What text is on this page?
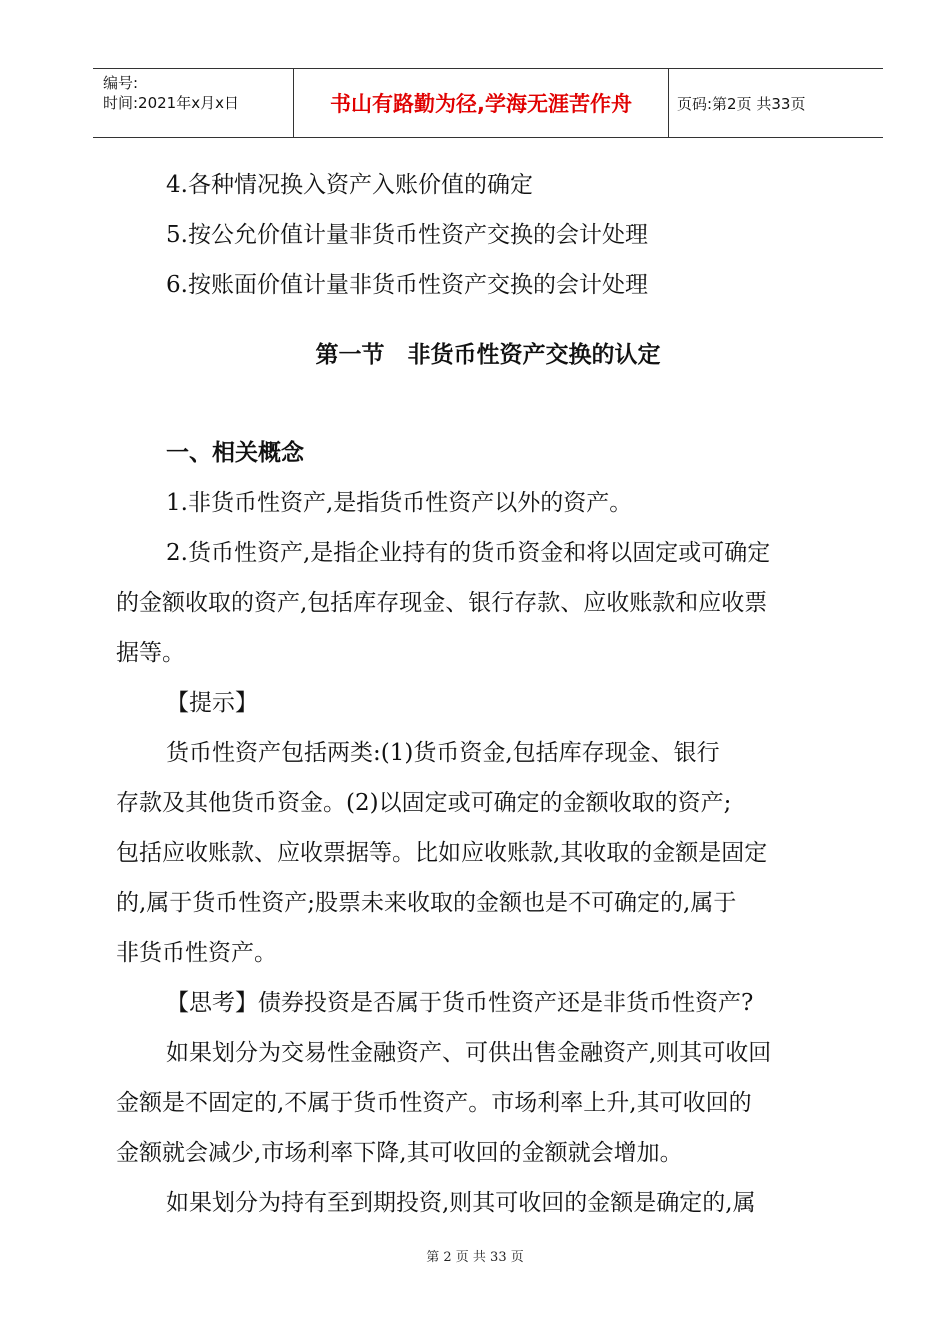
编号:
时间:2021年x月x日	书山有路勤为径,学海无涯苦作舟	页码:第2页 共33页

4.各种情况换入资产入账价值的确定

5.按公允价值计量非货币性资产交换的会计处理

6.按账面价值计量非货币性资产交换的会计处理

第一节　非货币性资产交换的认定

一、相关概念

1.非货币性资产,是指货币性资产以外的资产。

2.货币性资产,是指企业持有的货币资金和将以固定或可确定

的金额收取的资产,包括库存现金、银行存款、应收账款和应收票

据等。

【提示】

货币性资产包括两类:(1)货币资金,包括库存现金、银行

存款及其他货币资金。(2)以固定或可确定的金额收取的资产;

包括应收账款、应收票据等。比如应收账款,其收取的金额是固定

的,属于货币性资产;股票未来收取的金额也是不可确定的,属于

非货币性资产。

【思考】债券投资是否属于货币性资产还是非货币性资产?

如果划分为交易性金融资产、可供出售金融资产,则其可收回

金额是不固定的,不属于货币性资产。市场利率上升,其可收回的

金额就会减少,市场利率下降,其可收回的金额就会增加。

如果划分为持有至到期投资,则其可收回的金额是确定的,属

第 2 页 共 33 页
